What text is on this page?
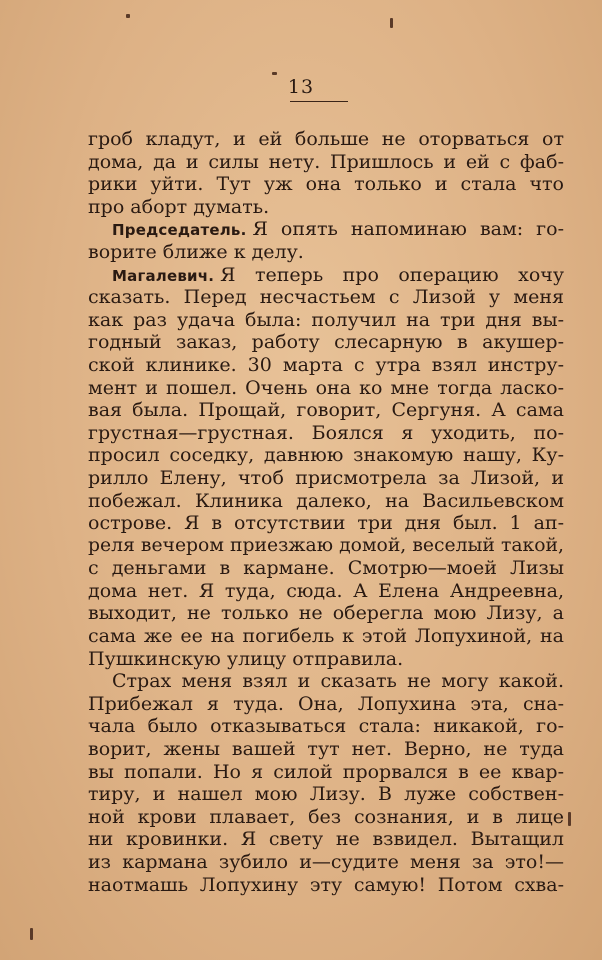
13
гроб кладут, и ей больше не оторваться от
дома, да и силы нету. Пришлось и ей с фаб-
рики уйти. Тут уж она только и стала что
про аборт думать.
Председатель. Я опять напоминаю вам: го-
ворите ближе к делу.
Магалевич. Я теперь про операцию хочу
сказать. Перед несчастьем с Лизой у меня
как раз удача была: получил на три дня вы-
годный заказ, работу слесарную в акушер-
ской клинике. 30 марта с утра взял инстру-
мент и пошел. Очень она ко мне тогда ласко-
вая была. Прощай, говорит, Сергуня. А сама
грустная—грустная. Боялся я уходить, по-
просил соседку, давнюю знакомую нашу, Ку-
рилло Елену, чтоб присмотрела за Лизой, и
побежал. Клиника далеко, на Васильевском
острове. Я в отсутствии три дня был. 1 ап-
реля вечером приезжаю домой, веселый такой,
с деньгами в кармане. Смотрю—моей Лизы
дома нет. Я туда, сюда. А Елена Андреевна,
выходит, не только не оберегла мою Лизу, а
сама же ее на погибель к этой Лопухиной, на
Пушкинскую улицу отправила.
Страх меня взял и сказать не могу какой.
Прибежал я туда. Она, Лопухина эта, сна-
чала было отказываться стала: никакой, го-
ворит, жены вашей тут нет. Верно, не туда
вы попали. Но я силой прорвался в ее квар-
тиру, и нашел мою Лизу. В луже собствен-
ной крови плавает, без сознания, и в лице
ни кровинки. Я свету не взвидел. Вытащил
из кармана зубило и—судите меня за это!—
наотмашь Лопухину эту самую! Потом схва-
